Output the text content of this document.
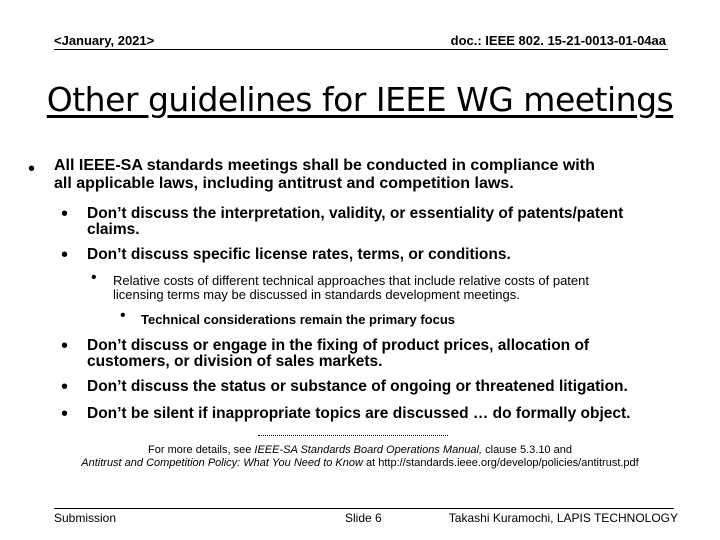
<January, 2021>	doc.: IEEE 802. 15-21-0013-01-04aa
Other guidelines for IEEE WG meetings
• All IEEE-SA standards meetings shall be conducted in compliance with
all applicable laws, including antitrust and competition laws.
• Don’t discuss the interpretation, validity, or essentiality of patents/patent
claims.
• Don’t discuss specific license rates, terms, or conditions.
• Relative costs of different technical approaches that include relative costs of patent
licensing terms may be discussed in standards development meetings.
• Technical considerations remain the primary focus
• Don’t discuss or engage in the fixing of product prices, allocation of
customers, or division of sales markets.
• Don’t discuss the status or substance of ongoing or threatened litigation.
• Don’t be silent if inappropriate topics are discussed … do formally object.
For more details, see IEEE-SA Standards Board Operations Manual, clause 5.3.10 and
Antitrust and Competition Policy: What You Need to Know at http://standards.ieee.org/develop/policies/antitrust.pdf
Submission	Slide 6	Takashi Kuramochi, LAPIS TECHNOLOGY
